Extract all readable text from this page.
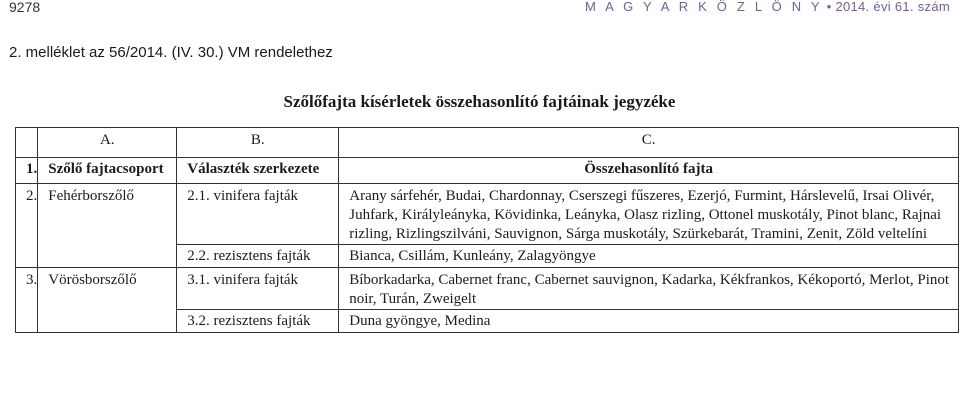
9278	M A G Y A R K Ö Z L Ö N Y • 2014. évi 61. szám
2. melléklet az 56/2014. (IV. 30.) VM rendelethez
Szőlőfajta kísérletek összehasonlító fajtáinak jegyzéke
	A.	B.	C.
1.	Szőlő fajtacsoport	Választék szerkezete	Összehasonlító fajta
2.	Fehérborszőlő	2.1. vinifera fajták	Arany sárfehér, Budai, Chardonnay, Cserszegi fűszeres, Ezerjó, Furmint, Hárslevelű, Irsai Olivér, Juhfark, Királyleányka, Kövidinka, Leányka, Olasz rizling, Ottonel muskotály, Pinot blanc, Rajnai rizling, Rizlingszilváni, Sauvignon, Sárga muskotály, Szürkebarát, Tramini, Zenit, Zöld veltelíni
		2.2. rezisztens fajták	Bianca, Csillám, Kunleány, Zalagyöngye
3.	Vörösborszőlő	3.1. vinifera fajták	Bíborkadarka, Cabernet franc, Cabernet sauvignon, Kadarka, Kékfrankos, Kékoportó, Merlot, Pinot noir, Turán, Zweigelt
		3.2. rezisztens fajták	Duna gyöngye, Medina
